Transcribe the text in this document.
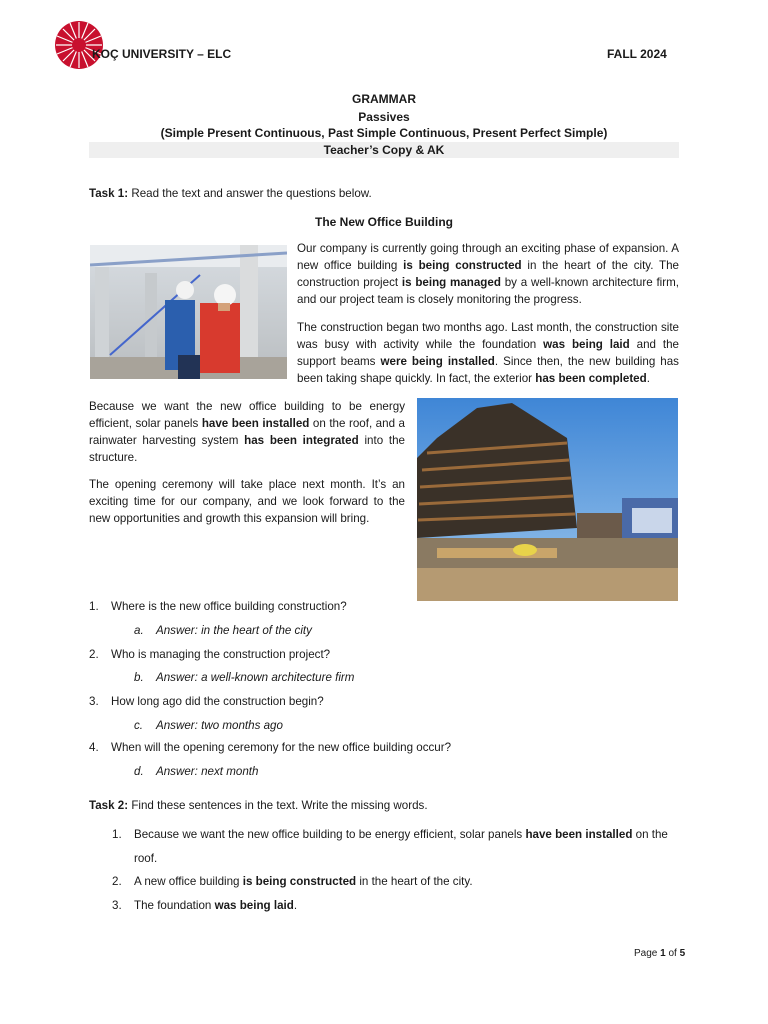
KOÇ UNIVERSITY – ELC	FALL 2024
GRAMMAR
Passives
(Simple Present Continuous, Past Simple Continuous, Present Perfect Simple)
Teacher’s Copy & AK
Task 1: Read the text and answer the questions below.
The New Office Building
Our company is currently going through an exciting phase of expansion. A new office building is being constructed in the heart of the city. The construction project is being managed by a well-known architecture firm, and our project team is closely monitoring the progress.
The construction began two months ago. Last month, the construction site was busy with activity while the foundation was being laid and the support beams were being installed. Since then, the new building has been taking shape quickly. In fact, the exterior has been completed.
Because we want the new office building to be energy efficient, solar panels have been installed on the roof, and a rainwater harvesting system has been integrated into the structure.
The opening ceremony will take place next month. It’s an exciting time for our company, and we look forward to the new opportunities and growth this expansion will bring.
1. Where is the new office building construction?
a. Answer: in the heart of the city
2. Who is managing the construction project?
b. Answer: a well-known architecture firm
3. How long ago did the construction begin?
c. Answer: two months ago
4. When will the opening ceremony for the new office building occur?
d. Answer: next month
Task 2: Find these sentences in the text. Write the missing words.
1. Because we want the new office building to be energy efficient, solar panels have been installed on the
roof.
2. A new office building is being constructed in the heart of the city.
3. The foundation was being laid.
Page 1 of 5
